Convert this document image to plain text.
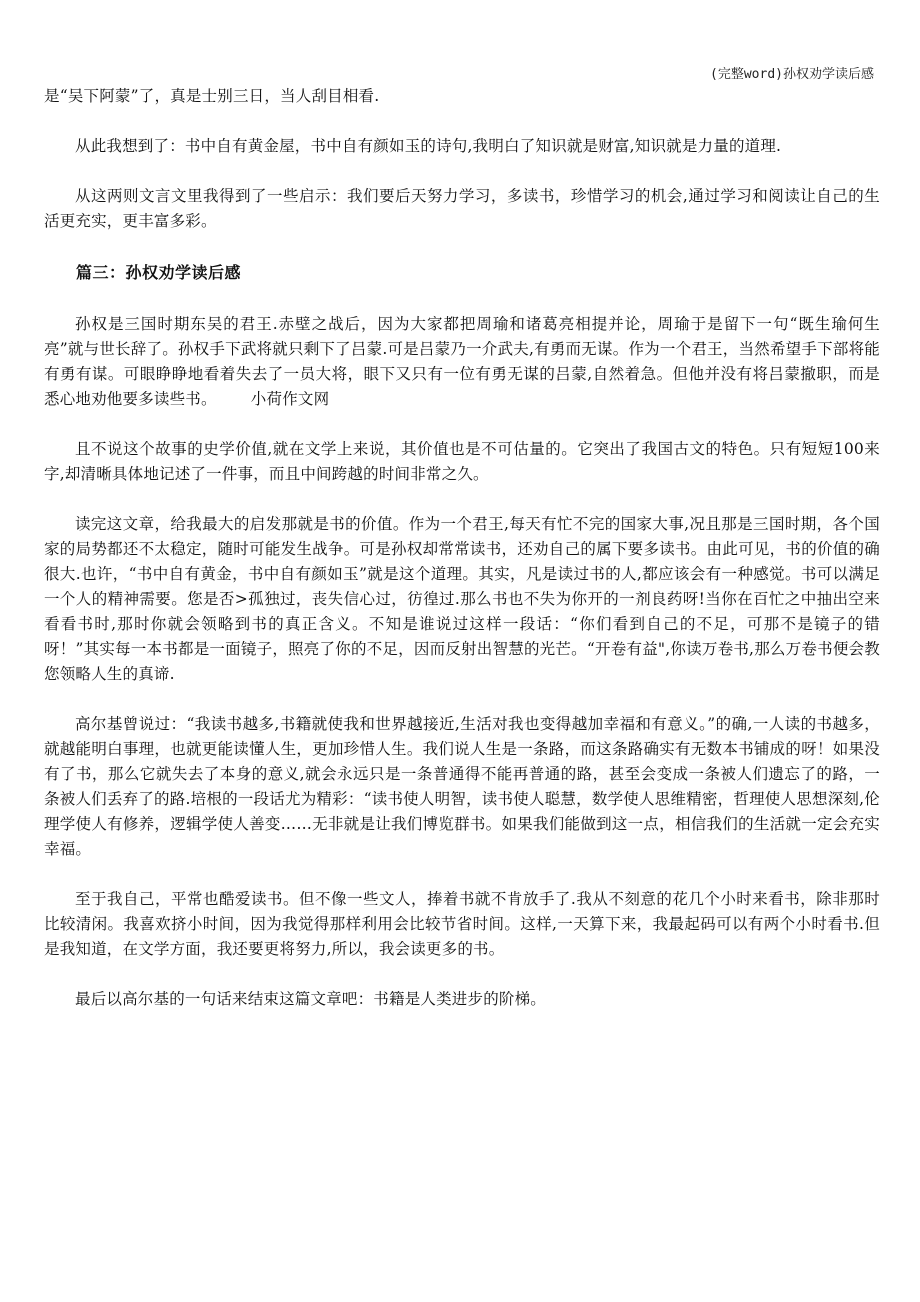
(完整word)孙权劝学读后感

是“吴下阿蒙”了，真是士别三日，当人刮目相看.

从此我想到了：书中自有黄金屋，书中自有颜如玉的诗句,我明白了知识就是财富,知识就是力量的道理.

从这两则文言文里我得到了一些启示：我们要后天努力学习，多读书，珍惜学习的机会,通过学习和阅读让自己的生活更充实，更丰富多彩。

篇三：孙权劝学读后感

孙权是三国时期东吴的君王.赤壁之战后，因为大家都把周瑜和诸葛亮相提并论，周瑜于是留下一句“既生瑜何生亮”就与世长辞了。孙权手下武将就只剩下了吕蒙.可是吕蒙乃一介武夫,有勇而无谋。作为一个君王，当然希望手下部将能有勇有谋。可眼睁睁地看着失去了一员大将，眼下又只有一位有勇无谋的吕蒙,自然着急。但他并没有将吕蒙撤职，而是悉心地劝他要多读些书。 小荷作文网

且不说这个故事的史学价值,就在文学上来说，其价值也是不可估量的。它突出了我国古文的特色。只有短短100来字,却清晰具体地记述了一件事，而且中间跨越的时间非常之久。

读完这文章，给我最大的启发那就是书的价值。作为一个君王,每天有忙不完的国家大事,况且那是三国时期，各个国家的局势都还不太稳定，随时可能发生战争。可是孙权却常常读书，还劝自己的属下要多读书。由此可见，书的价值的确很大.也许，“书中自有黄金，书中自有颜如玉”就是这个道理。其实，凡是读过书的人,都应该会有一种感觉。书可以满足一个人的精神需要。您是否>孤独过，丧失信心过，彷徨过.那么书也不失为你开的一剂良药呀!当你在百忙之中抽出空来看看书时,那时你就会领略到书的真正含义。不知是谁说过这样一段话：“你们看到自己的不足，可那不是镜子的错呀！”其实每一本书都是一面镜子，照亮了你的不足，因而反射出智慧的光芒。“开卷有益",你读万卷书,那么万卷书便会教您领略人生的真谛.

高尔基曾说过：“我读书越多,书籍就使我和世界越接近,生活对我也变得越加幸福和有意义。”的确,一人读的书越多，就越能明白事理，也就更能读懂人生，更加珍惜人生。我们说人生是一条路，而这条路确实有无数本书铺成的呀！如果没有了书，那么它就失去了本身的意义,就会永远只是一条普通得不能再普通的路，甚至会变成一条被人们遗忘了的路，一条被人们丢弃了的路.培根的一段话尤为精彩：“读书使人明智，读书使人聪慧，数学使人思维精密，哲理使人思想深刻,伦理学使人有修养，逻辑学使人善变……无非就是让我们博览群书。如果我们能做到这一点，相信我们的生活就一定会充实幸福。

至于我自己，平常也酷爱读书。但不像一些文人，捧着书就不肯放手了.我从不刻意的花几个小时来看书，除非那时比较清闲。我喜欢挤小时间，因为我觉得那样利用会比较节省时间。这样,一天算下来，我最起码可以有两个小时看书.但是我知道，在文学方面，我还要更将努力,所以，我会读更多的书。

最后以高尔基的一句话来结束这篇文章吧：书籍是人类进步的阶梯。
